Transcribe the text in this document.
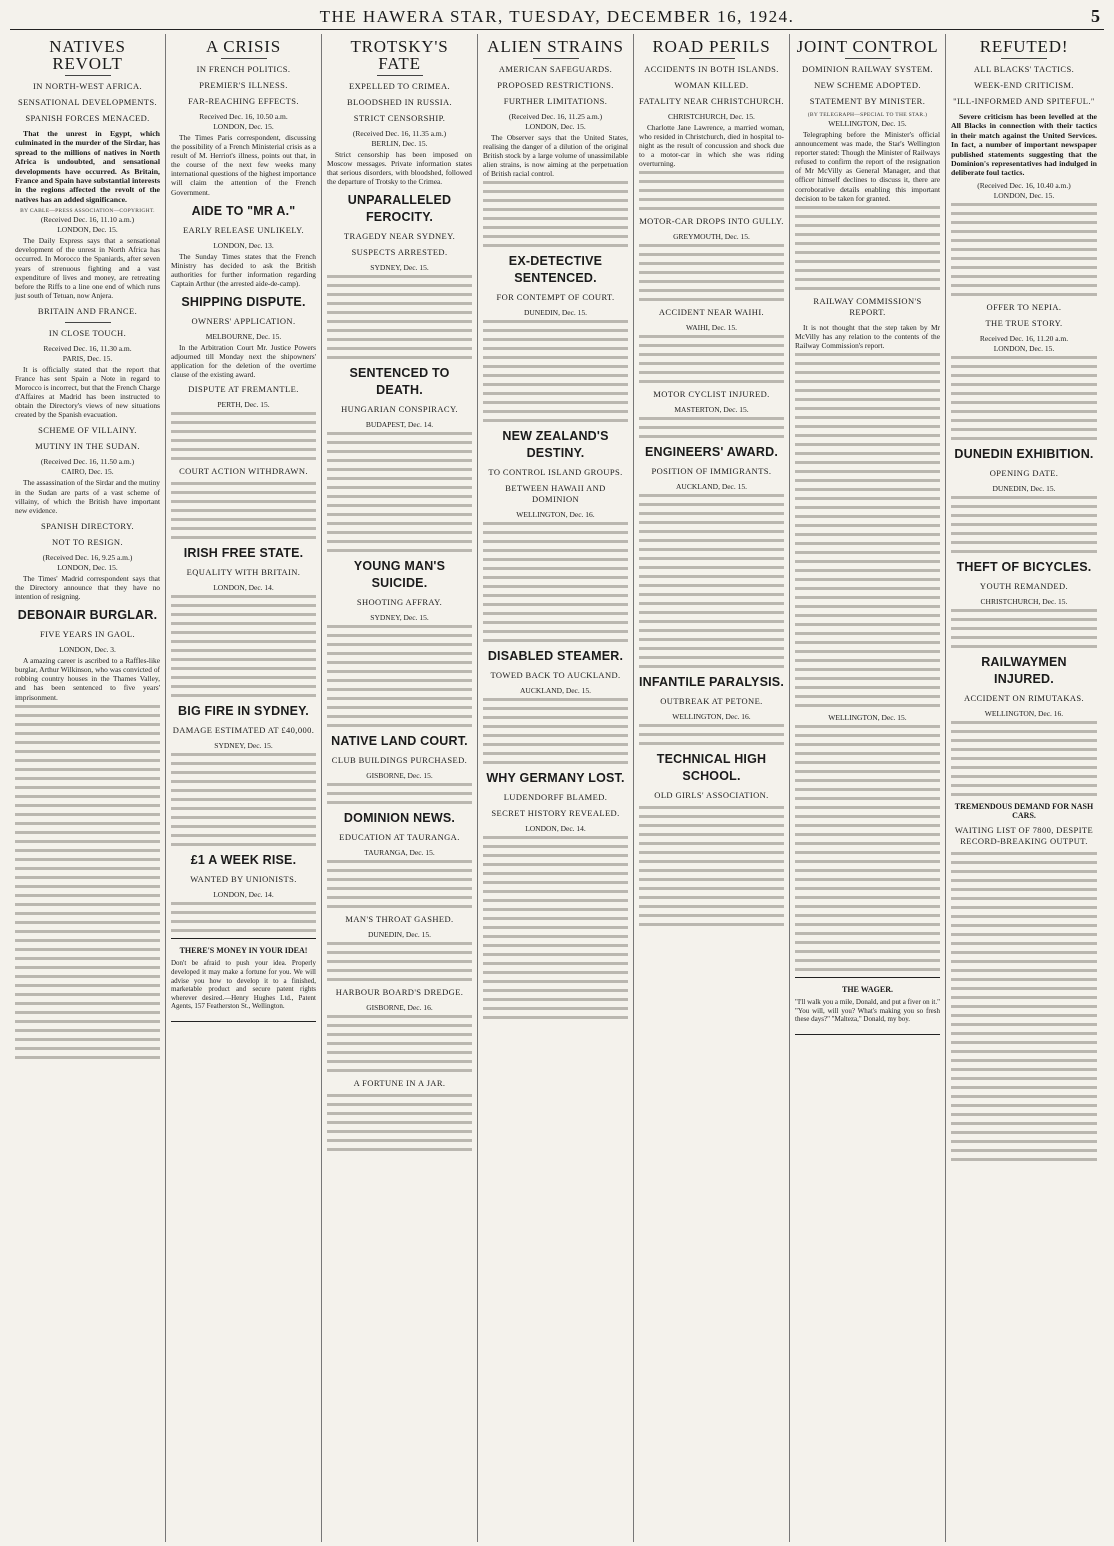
THE HAWERA STAR, TUESDAY, DECEMBER 16, 1924.	5
NATIVES REVOLT
IN NORTH-WEST AFRICA.
SENSATIONAL DEVELOPMENTS.
SPANISH FORCES MENACED.

That the unrest in Egypt, which culminated in the murder of the Sirdar, has spread to the millions of natives in North Africa is undoubted, and sensational developments have occurred. As Britain, France and Spain have substantial interests in the regions affected the revolt of the natives has an added significance.

BY CABLE—PRESS ASSOCIATION—COPYRIGHT.
(Received Dec. 16, 11.10 a.m.)
LONDON, Dec. 15.

The Daily Express says that a sensational development of the unrest in North Africa has occurred. In Morocco the Spaniards, after seven years of strenuous fighting and a vast expenditure of lives and money, are retreating before the Riffs to a line one end of which runs just south of Tetuan, now Anjera.

BRITAIN AND FRANCE.
IN CLOSE TOUCH.
Received Dec. 16, 11.30 a.m.
PARIS, Dec. 15.

It is officially stated that the report that France has sent Spain a Note in regard to Morocco is incorrect, but that the French Charge d'Affaires at Madrid has been instructed to obtain the Directory's views of new situations created by the Spanish evacuation.

SCHEME OF VILLAINY.
MUTINY IN THE SUDAN.
(Received Dec. 16, 11.50 a.m.)
CAIRO, Dec. 15.

The assassination of the Sirdar and the mutiny in the Sudan are parts of a vast scheme of villainy, of which the British have important new evidence.

SPANISH DIRECTORY.
NOT TO RESIGN.
(Received Dec. 16, 9.25 a.m.)
LONDON, Dec. 15.

The Times' Madrid correspondent says that the Directory announce that they have no intention of resigning.

DEBONAIR BURGLAR.
FIVE YEARS IN GAOL.
LONDON, Dec. 3.

A amazing career is ascribed to a Raffles-like burglar, Arthur Wilkinson, who was convicted of robbing country houses in the Thames Valley, and has been sentenced to five years' imprisonment.

A CRISIS
IN FRENCH POLITICS.
PREMIER'S ILLNESS.
FAR-REACHING EFFECTS.
Received Dec. 16, 10.50 a.m.
LONDON, Dec. 15.

The Times Paris correspondent, discussing the possibility of a French Ministerial crisis as a result of M. Herriot's illness, points out that, in the course of the next few weeks many international questions of the highest importance will claim the attention of the French Government.

AIDE TO "MR A."
EARLY RELEASE UNLIKELY.
LONDON, Dec. 13.

The Sunday Times states that the French Ministry has decided to ask the British authorities for further information regarding Captain Arthur (the arrested aide-de-camp).

SHIPPING DISPUTE.
OWNERS' APPLICATION.
MELBOURNE, Dec. 15.

In the Arbitration Court Mr. Justice Powers adjourned till Monday next the shipowners' application for the deletion of the overtime clause of the existing award.

DISPUTE AT FREMANTLE.
PERTH, Dec. 15.
COURT ACTION WITHDRAWN.
IRISH FREE STATE.
EQUALITY WITH BRITAIN.
LONDON, Dec. 14.
BIG FIRE IN SYDNEY.
DAMAGE ESTIMATED AT £40,000.
SYDNEY, Dec. 15.
£1 A WEEK RISE.
WANTED BY UNIONISTS.
LONDON, Dec. 14.
THERE'S MONEY IN YOUR IDEA!

Don't be afraid to push your idea. Properly developed it may make a fortune for you. We will advise you how to develop it to a finished, marketable product and secure patent rights wherever desired.—Henry Hughes Ltd., Patent Agents, 157 Featherston St., Wellington.

TROTSKY'S FATE
EXPELLED TO CRIMEA.
BLOODSHED IN RUSSIA.
STRICT CENSORSHIP.
(Received Dec. 16, 11.35 a.m.)
BERLIN, Dec. 15.

Strict censorship has been imposed on Moscow messages. Private information states that serious disorders, with bloodshed, followed the departure of Trotsky to the Crimea.

UNPARALLELED FEROCITY.
TRAGEDY NEAR SYDNEY.
SUSPECTS ARRESTED.
SYDNEY, Dec. 15.
SENTENCED TO DEATH.
HUNGARIAN CONSPIRACY.
BUDAPEST, Dec. 14.
YOUNG MAN'S SUICIDE.
SHOOTING AFFRAY.
SYDNEY, Dec. 15.
NATIVE LAND COURT.
CLUB BUILDINGS PURCHASED.
GISBORNE, Dec. 15.
DOMINION NEWS.
EDUCATION AT TAURANGA.
TAURANGA, Dec. 15.
MAN'S THROAT GASHED.
DUNEDIN, Dec. 15.
HARBOUR BOARD'S DREDGE.
GISBORNE, Dec. 16.
A FORTUNE IN A JAR.
ALIEN STRAINS
AMERICAN SAFEGUARDS.
PROPOSED RESTRICTIONS.
FURTHER LIMITATIONS.
(Received Dec. 16, 11.25 a.m.)
LONDON, Dec. 15.

The Observer says that the United States, realising the danger of a dilution of the original British stock by a large volume of unassimilable alien strains, is now aiming at the perpetuation of British racial control.

EX-DETECTIVE SENTENCED.
FOR CONTEMPT OF COURT.
DUNEDIN, Dec. 15.
NEW ZEALAND'S DESTINY.
TO CONTROL ISLAND GROUPS.
BETWEEN HAWAII AND DOMINION
WELLINGTON, Dec. 16.
DISABLED STEAMER.
TOWED BACK TO AUCKLAND.
AUCKLAND, Dec. 15.
WHY GERMANY LOST.
LUDENDORFF BLAMED.
SECRET HISTORY REVEALED.
LONDON, Dec. 14.
ROAD PERILS
ACCIDENTS IN BOTH ISLANDS.
WOMAN KILLED.
FATALITY NEAR CHRISTCHURCH.
CHRISTCHURCH, Dec. 15.

Charlotte Jane Lawrence, a married woman, who resided in Christchurch, died in hospital to-night as the result of concussion and shock due to a motor-car in which she was riding overturning.

MOTOR-CAR DROPS INTO GULLY.
GREYMOUTH, Dec. 15.
ACCIDENT NEAR WAIHI.
WAIHI, Dec. 15.
MOTOR CYCLIST INJURED.
MASTERTON, Dec. 15.
ENGINEERS' AWARD.
POSITION OF IMMIGRANTS.
AUCKLAND, Dec. 15.
INFANTILE PARALYSIS.
OUTBREAK AT PETONE.
WELLINGTON, Dec. 16.
TECHNICAL HIGH SCHOOL.
OLD GIRLS' ASSOCIATION.
JOINT CONTROL
DOMINION RAILWAY SYSTEM.
NEW SCHEME ADOPTED.
STATEMENT BY MINISTER.
(BY TELEGRAPH—SPECIAL TO THE STAR.)
WELLINGTON, Dec. 15.

Telegraphing before the Minister's official announcement was made, the Star's Wellington reporter stated: Though the Minister of Railways refused to confirm the report of the resignation of Mr McVilly as General Manager, and that officer himself declines to discuss it, there are corroborative details enabling this important decision to be taken for granted.

RAILWAY COMMISSION'S REPORT.

It is not thought that the step taken by Mr McVilly has any relation to the contents of the Railway Commission's report.

WELLINGTON, Dec. 15.
THE WAGER.

"I'll walk you a mile, Donald, and put a fiver on it." "You will, will you? What's making you so fresh these days?" "Malteza," Donald, my boy.

REFUTED!
ALL BLACKS' TACTICS.
WEEK-END CRITICISM.
"ILL-INFORMED AND SPITEFUL."

Severe criticism has been levelled at the All Blacks in connection with their tactics in their match against the United Services. In fact, a number of important newspaper published statements suggesting that the Dominion's representatives had indulged in deliberate foul tactics.

(Received Dec. 16, 10.40 a.m.)
LONDON, Dec. 15.
OFFER TO NEPIA.
THE TRUE STORY.
Received Dec. 16, 11.20 a.m.
LONDON, Dec. 15.
DUNEDIN EXHIBITION.
OPENING DATE.
DUNEDIN, Dec. 15.
THEFT OF BICYCLES.
YOUTH REMANDED.
CHRISTCHURCH, Dec. 15.
RAILWAYMEN INJURED.
ACCIDENT ON RIMUTAKAS.
WELLINGTON, Dec. 16.
TREMENDOUS DEMAND FOR NASH CARS.
WAITING LIST OF 7800, DESPITE RECORD-BREAKING OUTPUT.
